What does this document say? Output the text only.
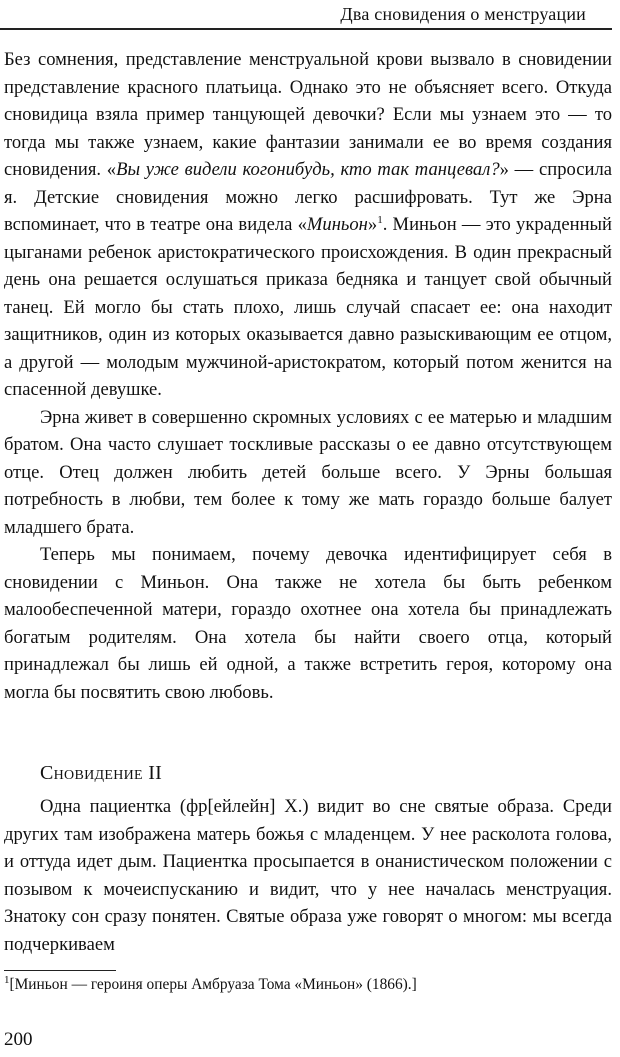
Два сновидения о менструации

Без сомнения, представление менструальной крови вызвало в сновидении представление красного платьица. Однако это не объясняет всего. Откуда сновидица взяла пример танцующей девочки? Если мы узнаем это — то тогда мы также узнаем, какие фантазии занимали ее во время создания сновидения. «Вы уже видели когонибудь, кто так танцевал?» — спросила я. Детские сновидения можно легко расшифровать. Тут же Эрна вспоминает, что в театре она видела «Миньон»$^1$. Миньон — это украденный цыганами ребенок аристократического происхождения. В один прекрасный день она решается ослушаться приказа бедняка и танцует свой обычный танец. Ей могло бы стать плохо, лишь случай спасает ее: она находит защитников, один из которых оказывается давно разыскивающим ее отцом, а другой — молодым мужчиной-аристократом, который потом женится на спасенной девушке.

Эрна живет в совершенно скромных условиях с ее матерью и младшим братом. Она часто слушает тоскливые рассказы о ее давно отсутствующем отце. Отец должен любить детей больше всего. У Эрны большая потребность в любви, тем более к тому же мать гораздо больше балует младшего брата.

Теперь мы понимаем, почему девочка идентифицирует себя в сновидении с Миньон. Она также не хотела бы быть ребенком малообеспеченной матери, гораздо охотнее она хотела бы принадлежать богатым родителям. Она хотела бы найти своего отца, который принадлежал бы лишь ей одной, а также встретить героя, которому она могла бы посвятить свою любовь.

Сновидение II

Одна пациентка (фр[ейлейн] X.) видит во сне святые образа. Среди других там изображена матерь божья с младенцем. У нее расколота голова, и оттуда идет дым. Пациентка просыпается в онанистическом положении с позывом к мочеиспусканию и видит, что у нее началась менструация. Знатоку сон сразу понятен. Святые образа уже говорят о многом: мы всегда подчеркиваем

$^1$[Миньон — героиня оперы Амбруаза Тома «Миньон» (1866).]
200
